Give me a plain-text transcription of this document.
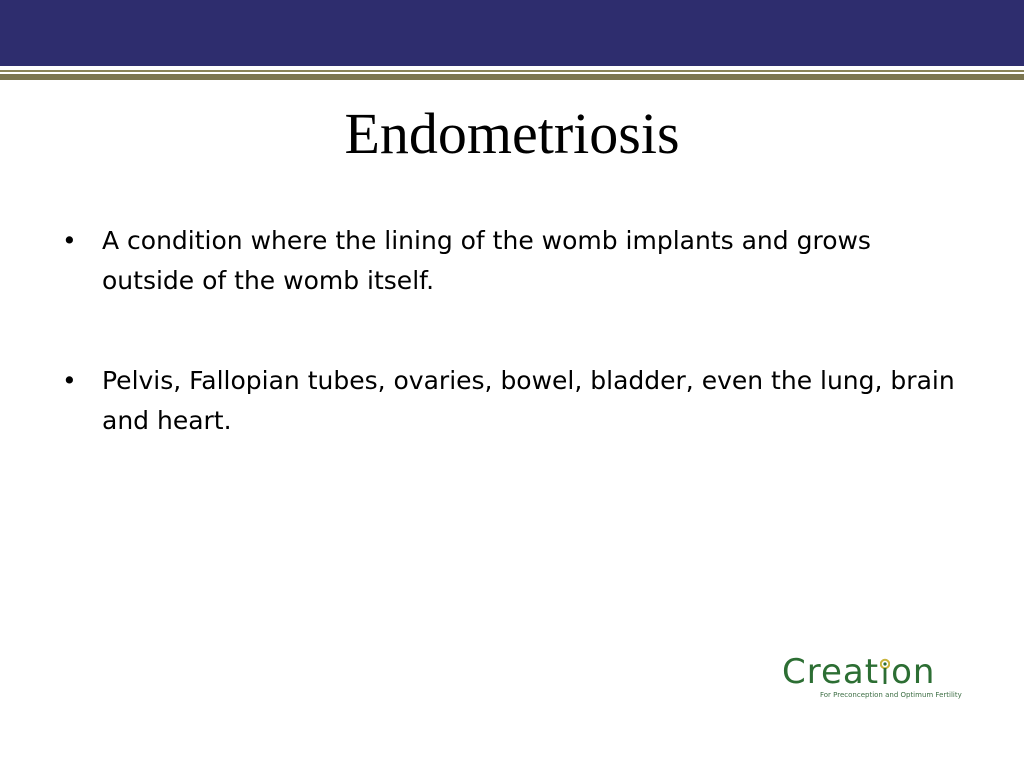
Endometriosis
• A condition where the lining of the womb implants and grows outside of the womb itself.
• Pelvis, Fallopian tubes, ovaries, bowel, bladder, even the lung, brain and heart.
Creat on
For Preconception and Optimum Fertility
